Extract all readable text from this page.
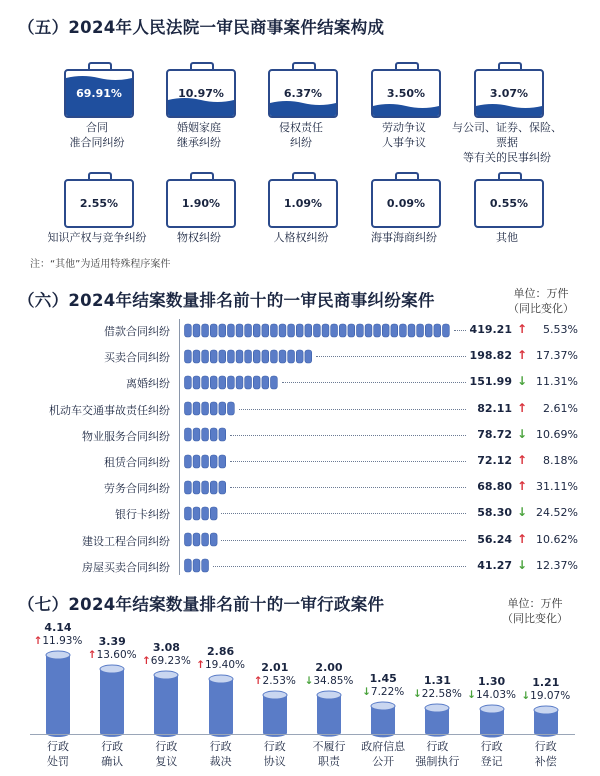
（五）2024年人民法院一审民商事案件结案构成
69.91%
合同
准合同纠纷
10.97%
婚姻家庭
继承纠纷
6.37%
侵权责任
纠纷
3.50%
劳动争议
人事争议
3.07%
与公司、证券、保险、票据
等有关的民事纠纷
2.55%
知识产权与竞争纠纷
1.90%
物权纠纷
1.09%
人格权纠纷
0.09%
海事海商纠纷
0.55%
其他
注：“其他”为适用特殊程序案件
（六）2024年结案数量排名前十的一审民商事纠纷案件	单位：万件
（同比变化）
借款合同纠纷	419.21 ↑	5.53%
买卖合同纠纷	198.82 ↑ 17.37%
离婚纠纷	151.99 ↓ 11.31%
机动车交通事故责任纠纷	82.11 ↑	2.61%
物业服务合同纠纷	78.72 ↓ 10.69%
租赁合同纠纷	72.12 ↑	8.18%
劳务合同纠纷	68.80 ↑ 31.11%
银行卡纠纷	58.30 ↓ 24.52%
建设工程合同纠纷	56.24 ↑ 10.62%
房屋买卖合同纠纷	41.27 ↓ 12.37%
（七）2024年结案数量排名前十的一审行政案件	单位：万件
（同比变化）
↑11.93%
4.14
行政
处罚
↑13.60%
3.39
行政
确认
↑69.23%
3.08
行政
复议
↑19.40%
2.86
行政
裁决
↑2.53%
2.01
行政
协议
↓34.85%
2.00
不履行
职责
↓7.22%
1.45
政府信息
公开
↓22.58%
1.31
行政
强制执行
↓14.03%
1.30
行政
登记
↓19.07%
1.21
行政
补偿
